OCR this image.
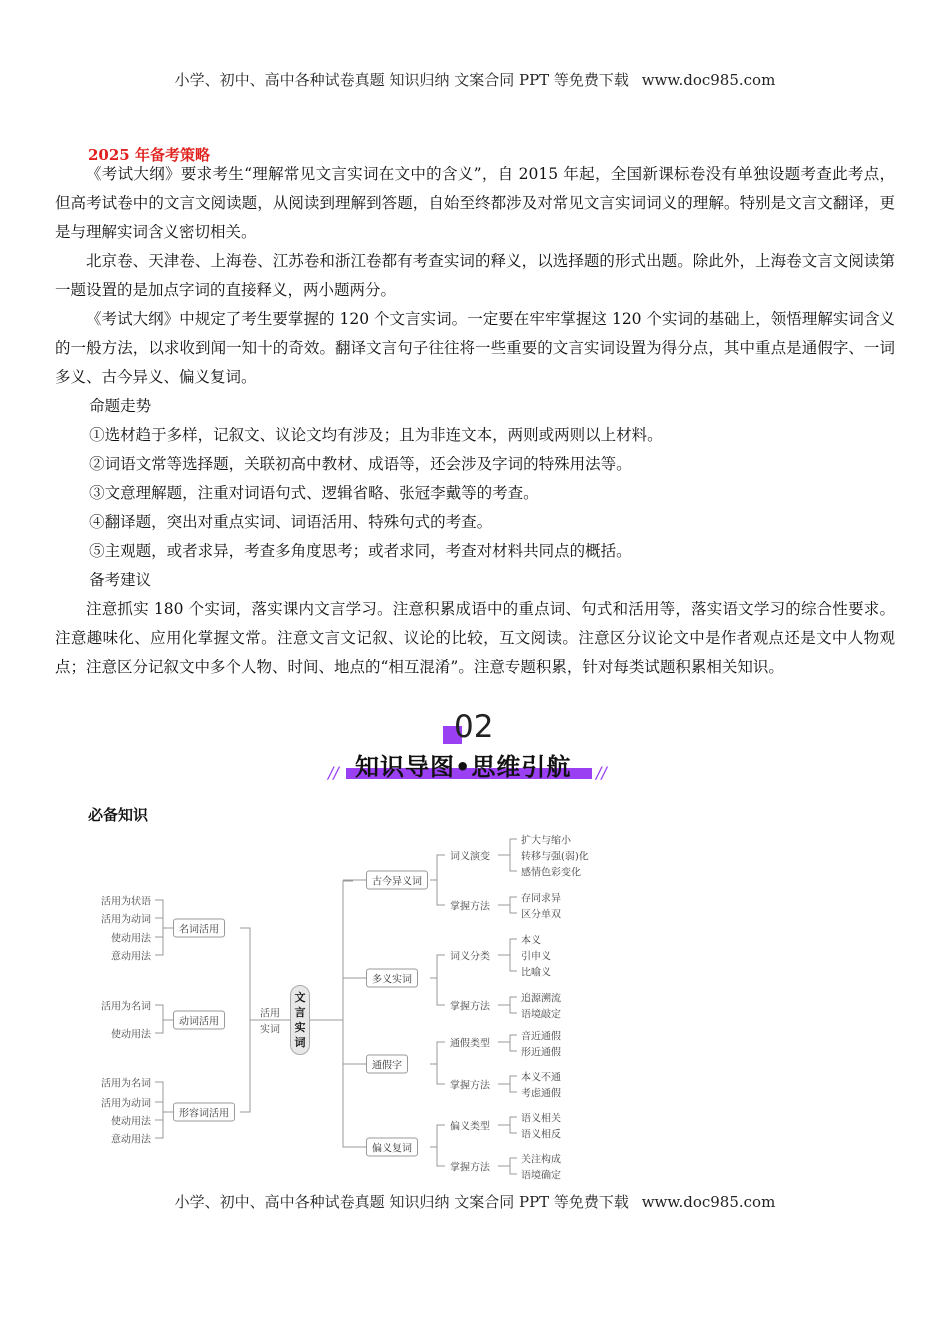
小学、初中、高中各种试卷真题 知识归纳 文案合同 PPT 等免费下载 www.doc985.com
2025 年备考策略

《考试大纲》要求考生“理解常见文言实词在文中的含义”，自 2015 年起，全国新课标卷没有单独设题考查此考点，但高考试卷中的文言文阅读题，从阅读到理解到答题，自始至终都涉及对常见文言实词词义的理解。特别是文言文翻译，更是与理解实词含义密切相关。

北京卷、天津卷、上海卷、江苏卷和浙江卷都有考查实词的释义，以选择题的形式出题。除此外，上海卷文言文阅读第一题设置的是加点字词的直接释义，两小题两分。

《考试大纲》中规定了考生要掌握的 120 个文言实词。一定要在牢牢掌握这 120 个实词的基础上，领悟理解实词含义的一般方法，以求收到闻一知十的奇效。翻译文言句子往往将一些重要的文言实词设置为得分点，其中重点是通假字、一词多义、古今异义、偏义复词。

命题走势

①选材趋于多样，记叙文、议论文均有涉及；且为非连文本，两则或两则以上材料。

②词语文常等选择题，关联初高中教材、成语等，还会涉及字词的特殊用法等。

③文意理解题，注重对词语句式、逻辑省略、张冠李戴等的考查。

④翻译题，突出对重点实词、词语活用、特殊句式的考查。

⑤主观题，或者求异，考查多角度思考；或者求同，考查对材料共同点的概括。

备考建议

注意抓实 180 个实词，落实课内文言学习。注意积累成语中的重点词、句式和活用等，落实语文学习的综合性要求。注意趣味化、应用化掌握文常。注意文言文记叙、议论的比较，互文阅读。注意区分议论文中是作者观点还是文中人物观点；注意区分记叙文中多个人物、时间、地点的“相互混淆”。注意专题积累，针对每类试题积累相关知识。

02
知识导图•思维引航
//	//
必备知识
文
言
实
词
活用
实词
名词活用
活用为状语
活用为动词
使动用法
意动用法
动词活用
活用为名词
使动用法
形容词活用
活用为名词
活用为动词
使动用法
意动用法
古今异义词
词义演变
扩大与缩小
转移与强(弱)化
感情色彩变化
掌握方法
存同求异
区分单双
多义实词
词义分类
本义
引申义
比喻义
掌握方法
追源溯流
语境敲定
通假字
通假类型
音近通假
形近通假
掌握方法
本义不通
考虑通假
偏义复词
偏义类型
语义相关
语义相反
掌握方法
关注构成
语境确定
小学、初中、高中各种试卷真题 知识归纳 文案合同 PPT 等免费下载 www.doc985.com
